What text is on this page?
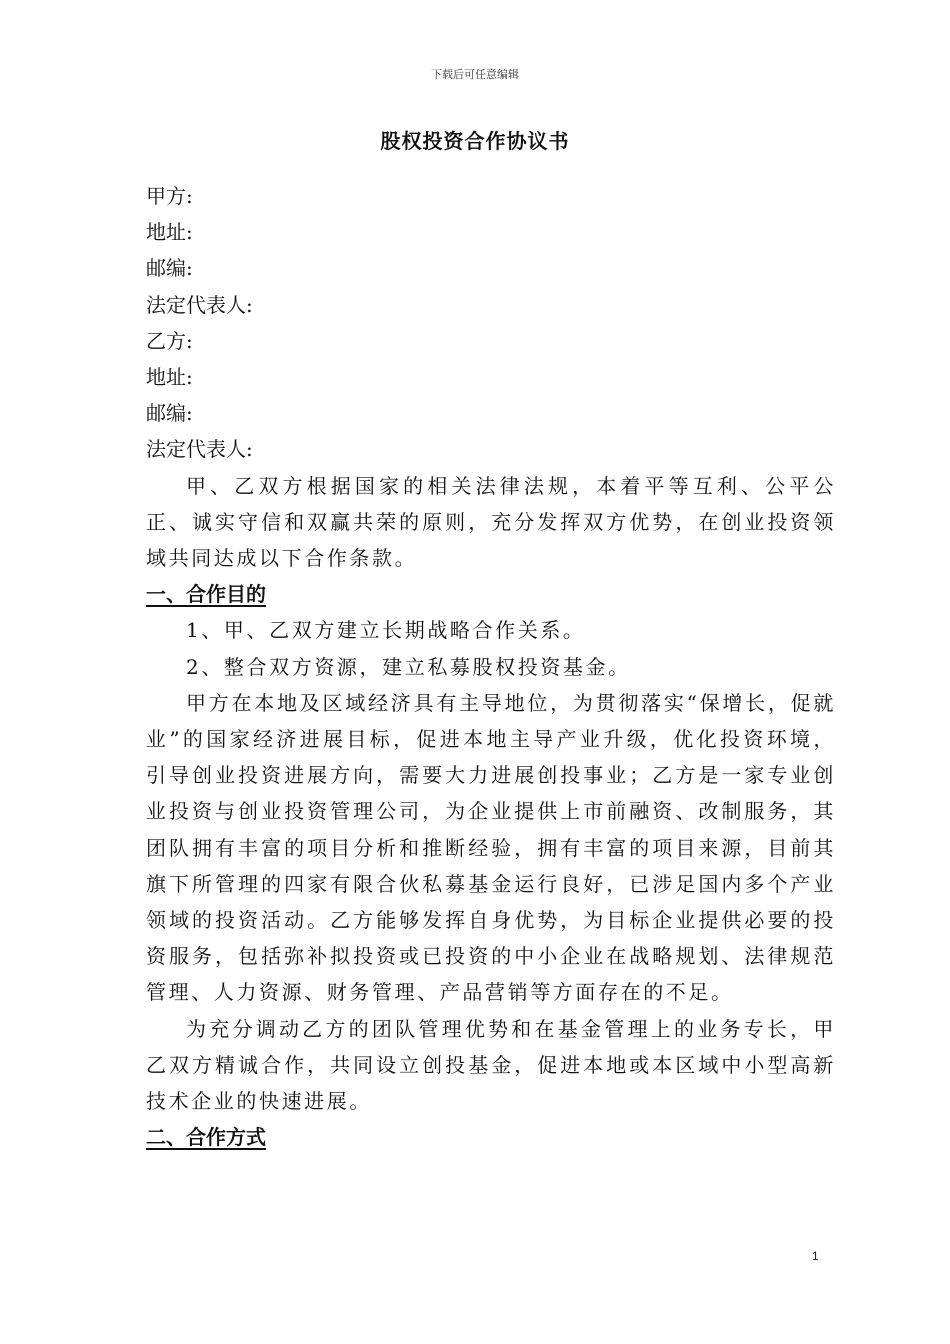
下载后可任意编辑
股权投资合作协议书
甲方:
地址:
邮编:
法定代表人:
乙方:
地址:
邮编:
法定代表人:
甲、乙双方根据国家的相关法律法规，本着平等互利、公平公正、诚实守信和双赢共荣的原则，充分发挥双方优势，在创业投资领域共同达成以下合作条款。
一、合作目的
1、甲、乙双方建立长期战略合作关系。
2、整合双方资源，建立私募股权投资基金。
甲方在本地及区域经济具有主导地位，为贯彻落实“保增长，促就业”的国家经济进展目标，促进本地主导产业升级，优化投资环境，引导创业投资进展方向，需要大力进展创投事业；乙方是一家专业创业投资与创业投资管理公司，为企业提供上市前融资、改制服务，其团队拥有丰富的项目分析和推断经验，拥有丰富的项目来源，目前其旗下所管理的四家有限合伙私募基金运行良好，已涉足国内多个产业领域的投资活动。乙方能够发挥自身优势，为目标企业提供必要的投资服务，包括弥补拟投资或已投资的中小企业在战略规划、法律规范管理、人力资源、财务管理、产品营销等方面存在的不足。
为充分调动乙方的团队管理优势和在基金管理上的业务专长，甲乙双方精诚合作，共同设立创投基金，促进本地或本区域中小型高新技术企业的快速进展。
二、合作方式
1
